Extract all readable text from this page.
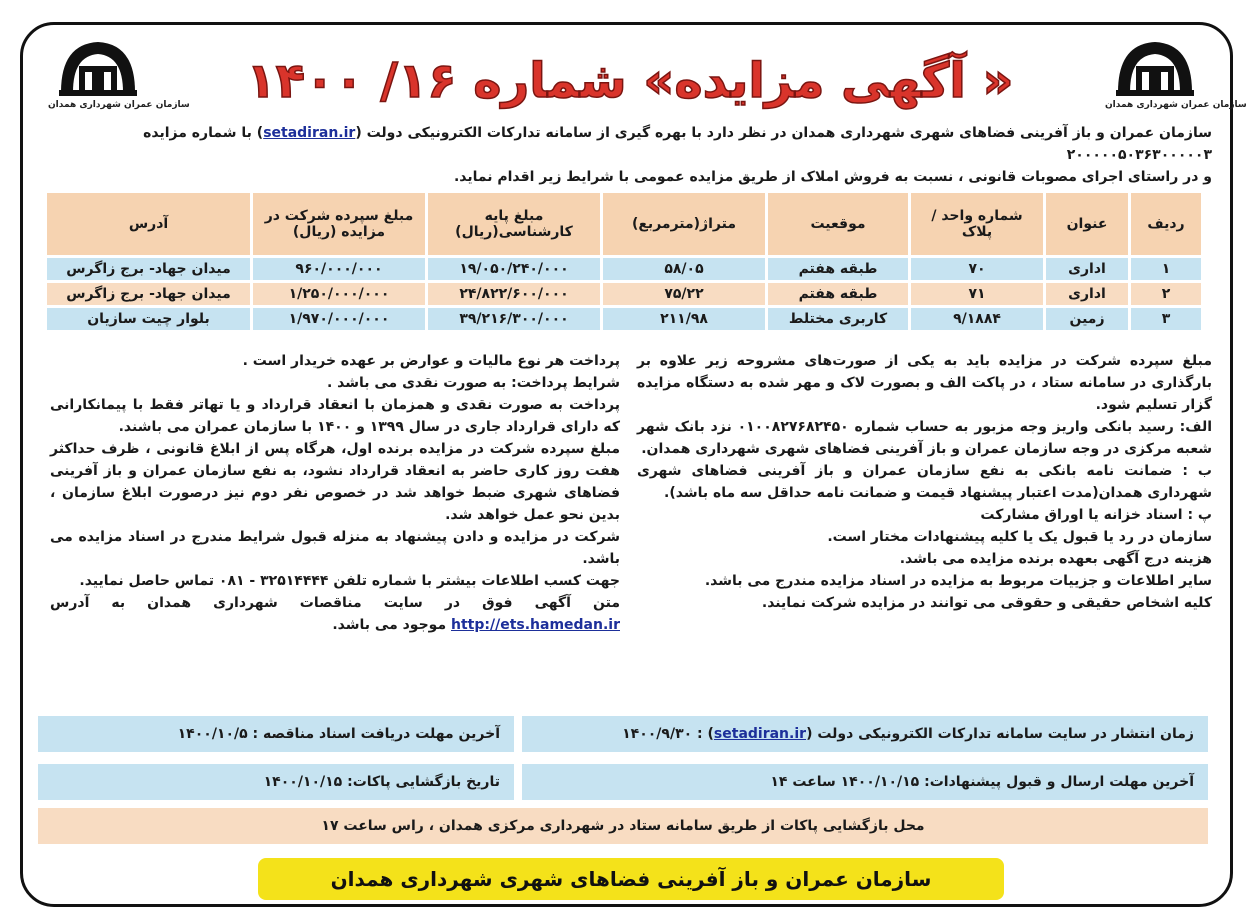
سازمان عمران شهرداری همدان	سازمان عمران شهرداری همدان
« آگهی مزایده» شماره ۱۶/ ۱۴۰۰
سازمان عمران و باز آفرینی فضاهای شهری شهرداری همدان در نظر دارد با بهره گیری از سامانه تدارکات الکترونیکی دولت (setadiran.ir) با شماره مزایده ۲۰۰۰۰۰۵۰۳۶۳۰۰۰۰۰۳
و در راستای اجرای مصوبات قانونی ، نسبت به فروش املاک از طریق مزایده عمومی با شرایط زیر اقدام نماید.
ردیف	عنوان	شماره واحد / پلاک	موقعیت	متراژ(مترمربع)	مبلغ پایه کارشناسی(ریال)	مبلغ سپرده شرکت در مزایده (ریال)	آدرس
۱	اداری	۷۰	طبقه هفتم	۵۸/۰۵	۱۹/۰۵۰/۲۴۰/۰۰۰	۹۶۰/۰۰۰/۰۰۰	میدان جهاد- برج زاگرس
۲	اداری	۷۱	طبقه هفتم	۷۵/۲۲	۲۴/۸۲۲/۶۰۰/۰۰۰	۱/۲۵۰/۰۰۰/۰۰۰	میدان جهاد- برج زاگرس
۳	زمین	۹/۱۸۸۴	کاربری مختلط	۲۱۱/۹۸	۳۹/۲۱۶/۳۰۰/۰۰۰	۱/۹۷۰/۰۰۰/۰۰۰	بلوار چیت سازیان

مبلغ سپرده شرکت در مزایده باید به یکی از صورت‌های مشروحه زیر علاوه بر بارگذاری در سامانه ستاد ، در پاکت الف و بصورت لاک و مهر شده به دستگاه مزایده گزار تسلیم شود.

الف: رسید بانکی واریز وجه مزبور به حساب شماره ۰۱۰۰۸۲۷۶۸۲۴۵۰ نزد بانک شهر شعبه مرکزی در وجه سازمان عمران و باز آفرینی فضاهای شهری شهرداری همدان.

ب : ضمانت نامه بانکی به نفع سازمان عمران و باز آفرینی فضاهای شهری شهرداری همدان(مدت اعتبار پیشنهاد قیمت و ضمانت نامه حداقل سه ماه باشد).

پ : اسناد خزانه یا اوراق مشارکت

سازمان در رد یا قبول یک یا کلیه پیشنهادات مختار است.

هزینه درج آگهی بعهده برنده مزایده می باشد.

سایر اطلاعات و جزییات مربوط به مزایده در اسناد مزایده مندرج می باشد.

کلیه اشخاص حقیقی و حقوقی می توانند در مزایده شرکت نمایند.

پرداخت هر نوع مالیات و عوارض بر عهده خریدار است .

شرایط پرداخت: به صورت نقدی می باشد .

پرداخت به صورت نقدی و همزمان با انعقاد قرارداد و یا تهاتر فقط با پیمانکارانی که دارای قرارداد جاری در سال ۱۳۹۹ و ۱۴۰۰ با سازمان عمران می باشند.

مبلغ سپرده شرکت در مزایده برنده اول، هرگاه پس از ابلاغ قانونی ، ظرف حداکثر هفت روز کاری حاضر به انعقاد قرارداد نشود، به نفع سازمان عمران و باز آفرینی فضاهای شهری ضبط خواهد شد در خصوص نفر دوم نیز درصورت ابلاغ سازمان ، بدین نحو عمل خواهد شد.

شرکت در مزایده و دادن پیشنهاد به منزله قبول شرایط مندرج در اسناد مزایده می باشد.

جهت کسب اطلاعات بیشتر با شماره تلفن ۳۲۵۱۴۴۴۴ - ۰۸۱ تماس حاصل نمایید.

متن آگهی فوق در سایت مناقصات شهرداری همدان به آدرس http://ets.hamedan.ir موجود می باشد.

زمان انتشار در سایت سامانه تدارکات الکترونیکی دولت (setadiran.ir) : ۱۴۰۰/۹/۳۰
آخرین مهلت دریافت اسناد مناقصه : ۱۴۰۰/۱۰/۵
آخرین مهلت ارسال و قبول پیشنهادات: ۱۴۰۰/۱۰/۱۵ ساعت ۱۴
تاریخ بازگشایی پاکات: ۱۴۰۰/۱۰/۱۵
محل بازگشایی پاکات از طریق سامانه ستاد در شهرداری مرکزی همدان ، راس ساعت ۱۷
سازمان عمران و باز آفرینی فضاهای شهری شهرداری همدان
